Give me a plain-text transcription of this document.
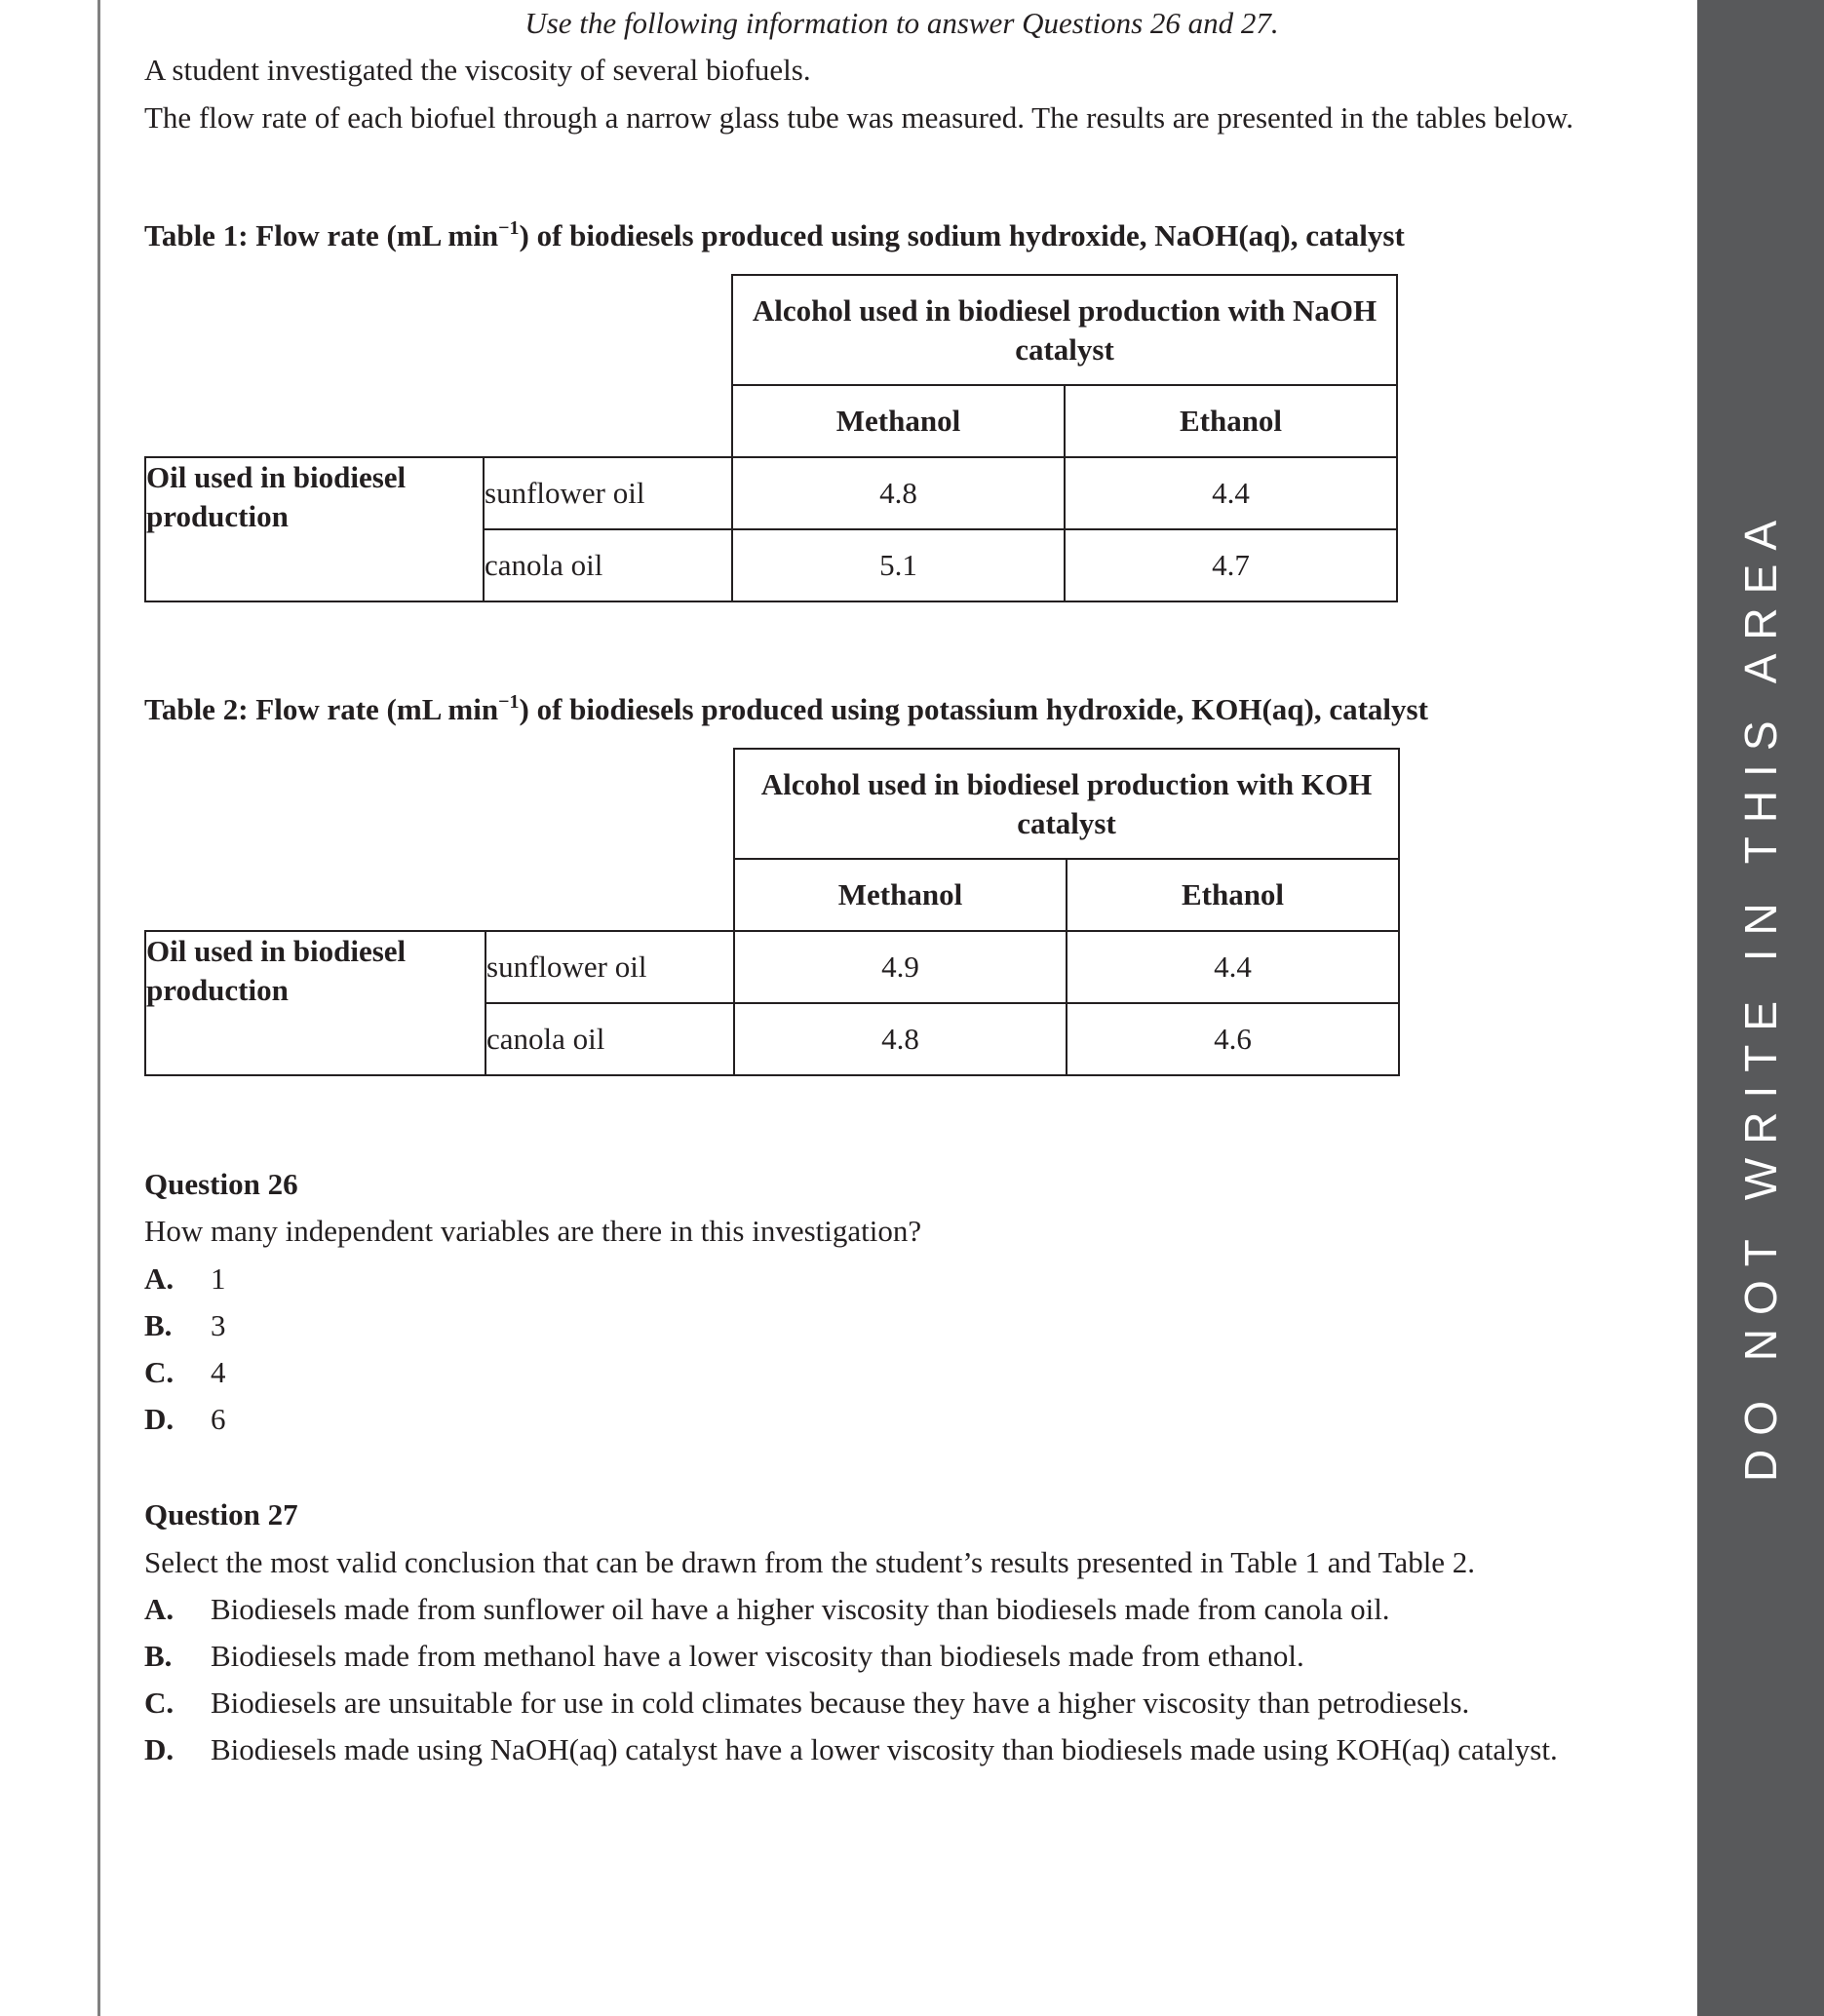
DO NOT WRITE IN THIS AREA
Use the following information to answer Questions 26 and 27.
A student investigated the viscosity of several biofuels.
The flow rate of each biofuel through a narrow glass tube was measured. The results are presented in the tables below.
Table 1: Flow rate (mL $\min^{-1}$) of biodiesels produced using sodium hydroxide, NaOH(aq), catalyst
		Alcohol used in biodiesel production with NaOH catalyst	
		Methanol	Ethanol
Oil used in biodiesel production	sunflower oil	4.8	4.4
	canola oil	5.1	4.7
Table 2: Flow rate (mL $\min^{-1}$) of biodiesels produced using potassium hydroxide, KOH(aq), catalyst
		Alcohol used in biodiesel production with KOH catalyst	
		Methanol	Ethanol
Oil used in biodiesel production	sunflower oil	4.9	4.4
	canola oil	4.8	4.6
Question 26
How many independent variables are there in this investigation?
A. 1
B. 3
C. 4
D. 6
Question 27
Select the most valid conclusion that can be drawn from the student’s results presented in Table 1 and Table 2.
A. Biodiesels made from sunflower oil have a higher viscosity than biodiesels made from canola oil.
B. Biodiesels made from methanol have a lower viscosity than biodiesels made from ethanol.
C. Biodiesels are unsuitable for use in cold climates because they have a higher viscosity than petrodiesels.
D. Biodiesels made using NaOH(aq) catalyst have a lower viscosity than biodiesels made using KOH(aq) catalyst.
